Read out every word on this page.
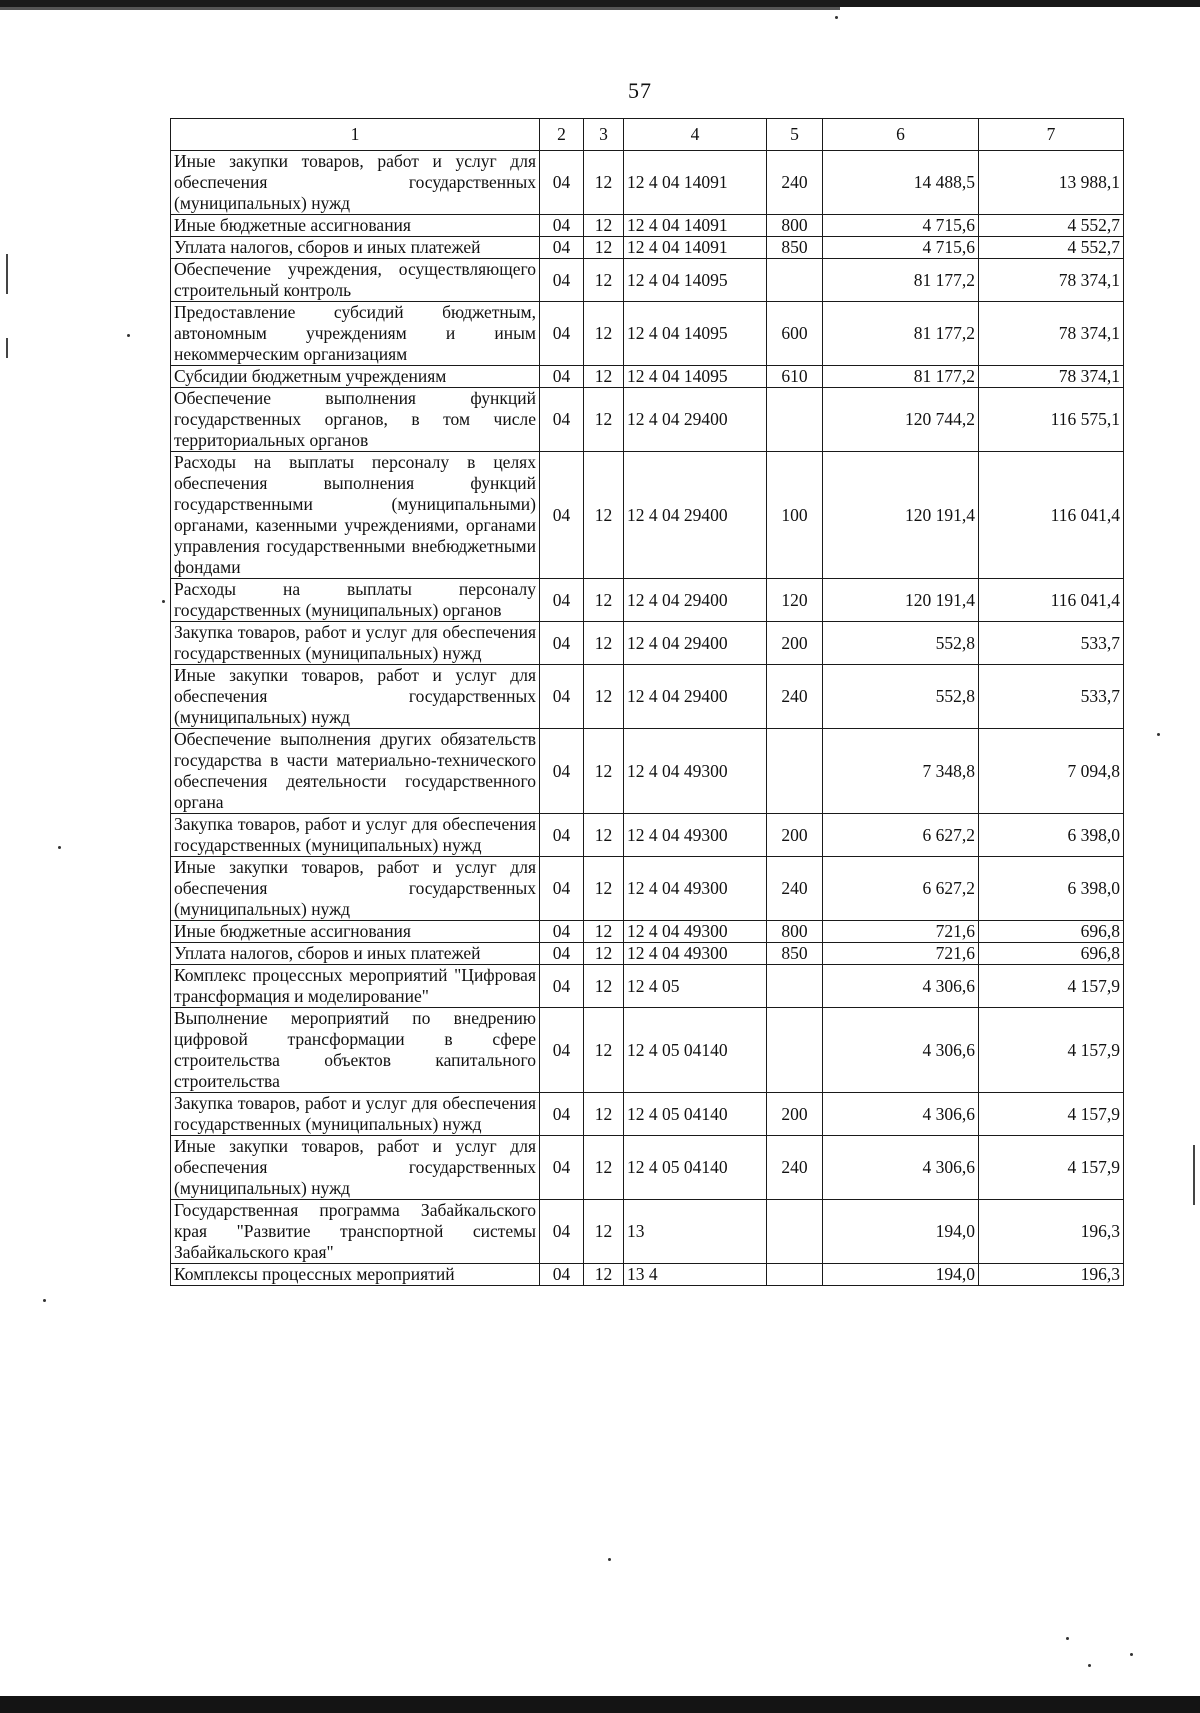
57
1	2	3	4	5	6	7
Иные закупки товаров, работ и услуг для обеспечения государственных (муниципальных) нужд	04	12	12 4 04 14091	240	14 488,5	13 988,1
Иные бюджетные ассигнования	04	12	12 4 04 14091	800	4 715,6	4 552,7
Уплата налогов, сборов и иных платежей	04	12	12 4 04 14091	850	4 715,6	4 552,7
Обеспечение учреждения, осуществляющего строительный контроль	04	12	12 4 04 14095		81 177,2	78 374,1
Предоставление субсидий бюджетным, автономным учреждениям и иным некоммерческим организациям	04	12	12 4 04 14095	600	81 177,2	78 374,1
Субсидии бюджетным учреждениям	04	12	12 4 04 14095	610	81 177,2	78 374,1
Обеспечение выполнения функций государственных органов, в том числе территориальных органов	04	12	12 4 04 29400		120 744,2	116 575,1
Расходы на выплаты персоналу в целях обеспечения выполнения функций государственными (муниципальными) органами, казенными учреждениями, органами управления государственными внебюджетными фондами	04	12	12 4 04 29400	100	120 191,4	116 041,4
Расходы на выплаты персоналу государственных (муниципальных) органов	04	12	12 4 04 29400	120	120 191,4	116 041,4
Закупка товаров, работ и услуг для обеспечения государственных (муниципальных) нужд	04	12	12 4 04 29400	200	552,8	533,7
Иные закупки товаров, работ и услуг для обеспечения государственных (муниципальных) нужд	04	12	12 4 04 29400	240	552,8	533,7
Обеспечение выполнения других обязательств государства в части материально-технического обеспечения деятельности государственного органа	04	12	12 4 04 49300		7 348,8	7 094,8
Закупка товаров, работ и услуг для обеспечения государственных (муниципальных) нужд	04	12	12 4 04 49300	200	6 627,2	6 398,0
Иные закупки товаров, работ и услуг для обеспечения государственных (муниципальных) нужд	04	12	12 4 04 49300	240	6 627,2	6 398,0
Иные бюджетные ассигнования	04	12	12 4 04 49300	800	721,6	696,8
Уплата налогов, сборов и иных платежей	04	12	12 4 04 49300	850	721,6	696,8
Комплекс процессных мероприятий "Цифровая трансформация и моделирование"	04	12	12 4 05		4 306,6	4 157,9
Выполнение мероприятий по внедрению цифровой трансформации в сфере строительства объектов капитального строительства	04	12	12 4 05 04140		4 306,6	4 157,9
Закупка товаров, работ и услуг для обеспечения государственных (муниципальных) нужд	04	12	12 4 05 04140	200	4 306,6	4 157,9
Иные закупки товаров, работ и услуг для обеспечения государственных (муниципальных) нужд	04	12	12 4 05 04140	240	4 306,6	4 157,9
Государственная программа Забайкальского края "Развитие транспортной системы Забайкальского края"	04	12	13		194,0	196,3
Комплексы процессных мероприятий	04	12	13 4		194,0	196,3
